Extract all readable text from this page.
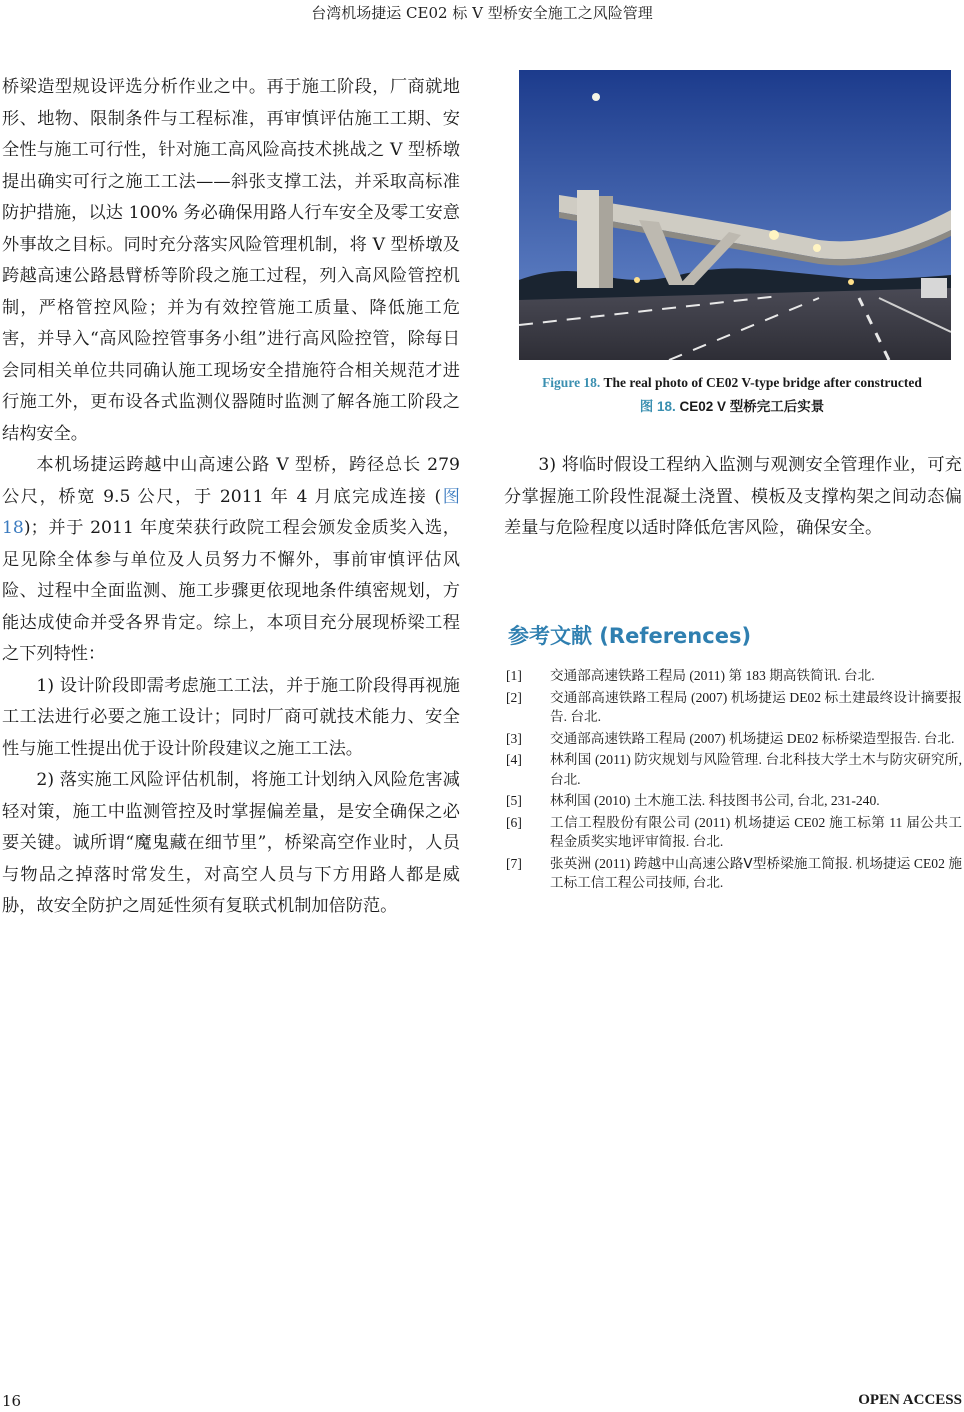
台湾机场捷运 CE02 标 V 型桥安全施工之风险管理

桥梁造型规设评选分析作业之中。再于施工阶段，厂商就地形、地物、限制条件与工程标准，再审慎评估施工工期、安全性与施工可行性，针对施工高风险高技术挑战之 V 型桥墩提出确实可行之施工工法——斜张支撑工法，并采取高标准防护措施，以达 100% 务必确保用路人行车安全及零工安意外事故之目标。同时充分落实风险管理机制，将 V 型桥墩及跨越高速公路悬臂桥等阶段之施工过程，列入高风险管控机制，严格管控风险；并为有效控管施工质量、降低施工危害，并导入“高风险控管事务小组”进行高风险控管，除每日会同相关单位共同确认施工现场安全措施符合相关规范才进行施工外，更布设各式监测仪器随时监测了解各施工阶段之结构安全。

本机场捷运跨越中山高速公路 V 型桥，跨径总长 279 公尺，桥宽 9.5 公尺，于 2011 年 4 月底完成连接 (图 18)；并于 2011 年度荣获行政院工程会颁发金质奖入选，足见除全体参与单位及人员努力不懈外，事前审慎评估风险、过程中全面监测、施工步骤更依现地条件缜密规划，方能达成使命并受各界肯定。综上，本项目充分展现桥梁工程之下列特性：

1) 设计阶段即需考虑施工工法，并于施工阶段得再视施工工法进行必要之施工设计；同时厂商可就技术能力、安全性与施工性提出优于设计阶段建议之施工工法。

2) 落实施工风险评估机制，将施工计划纳入风险危害减轻对策，施工中监测管控及时掌握偏差量，是安全确保之必要关键。诚所谓“魔鬼藏在细节里”，桥梁高空作业时，人员与物品之掉落时常发生，对高空人员与下方用路人都是威胁，故安全防护之周延性须有复联式机制加倍防范。

Figure 18. The real photo of CE02 V-type bridge after constructed
图 18. CE02 V 型桥完工后实景
3) 将临时假设工程纳入监测与观测安全管理作业，可充分掌握施工阶段性混凝土浇置、模板及支撑构架之间动态偏差量与危险程度以适时降低危害风险，确保安全。
参考文献 (References)
[1]	交通部高速铁路工程局 (2011) 第 183 期高铁简讯. 台北.
[2]	交通部高速铁路工程局 (2007) 机场捷运 DE02 标土建最终设计摘要报告. 台北.
[3]	交通部高速铁路工程局 (2007) 机场捷运 DE02 标桥梁造型报告. 台北.
[4]	林利国 (2011) 防灾规划与风险管理. 台北科技大学土木与防灾研究所, 台北.
[5]	林利国 (2010) 土木施工法. 科技图书公司, 台北, 231-240.
[6]	工信工程股份有限公司 (2011) 机场捷运 CE02 施工标第 11 届公共工程金质奖实地评审简报. 台北.
[7]	张英洲 (2011) 跨越中山高速公路Ⅴ型桥梁施工简报. 机场捷运 CE02 施工标工信工程公司技师, 台北.
16	OPEN ACCESS
